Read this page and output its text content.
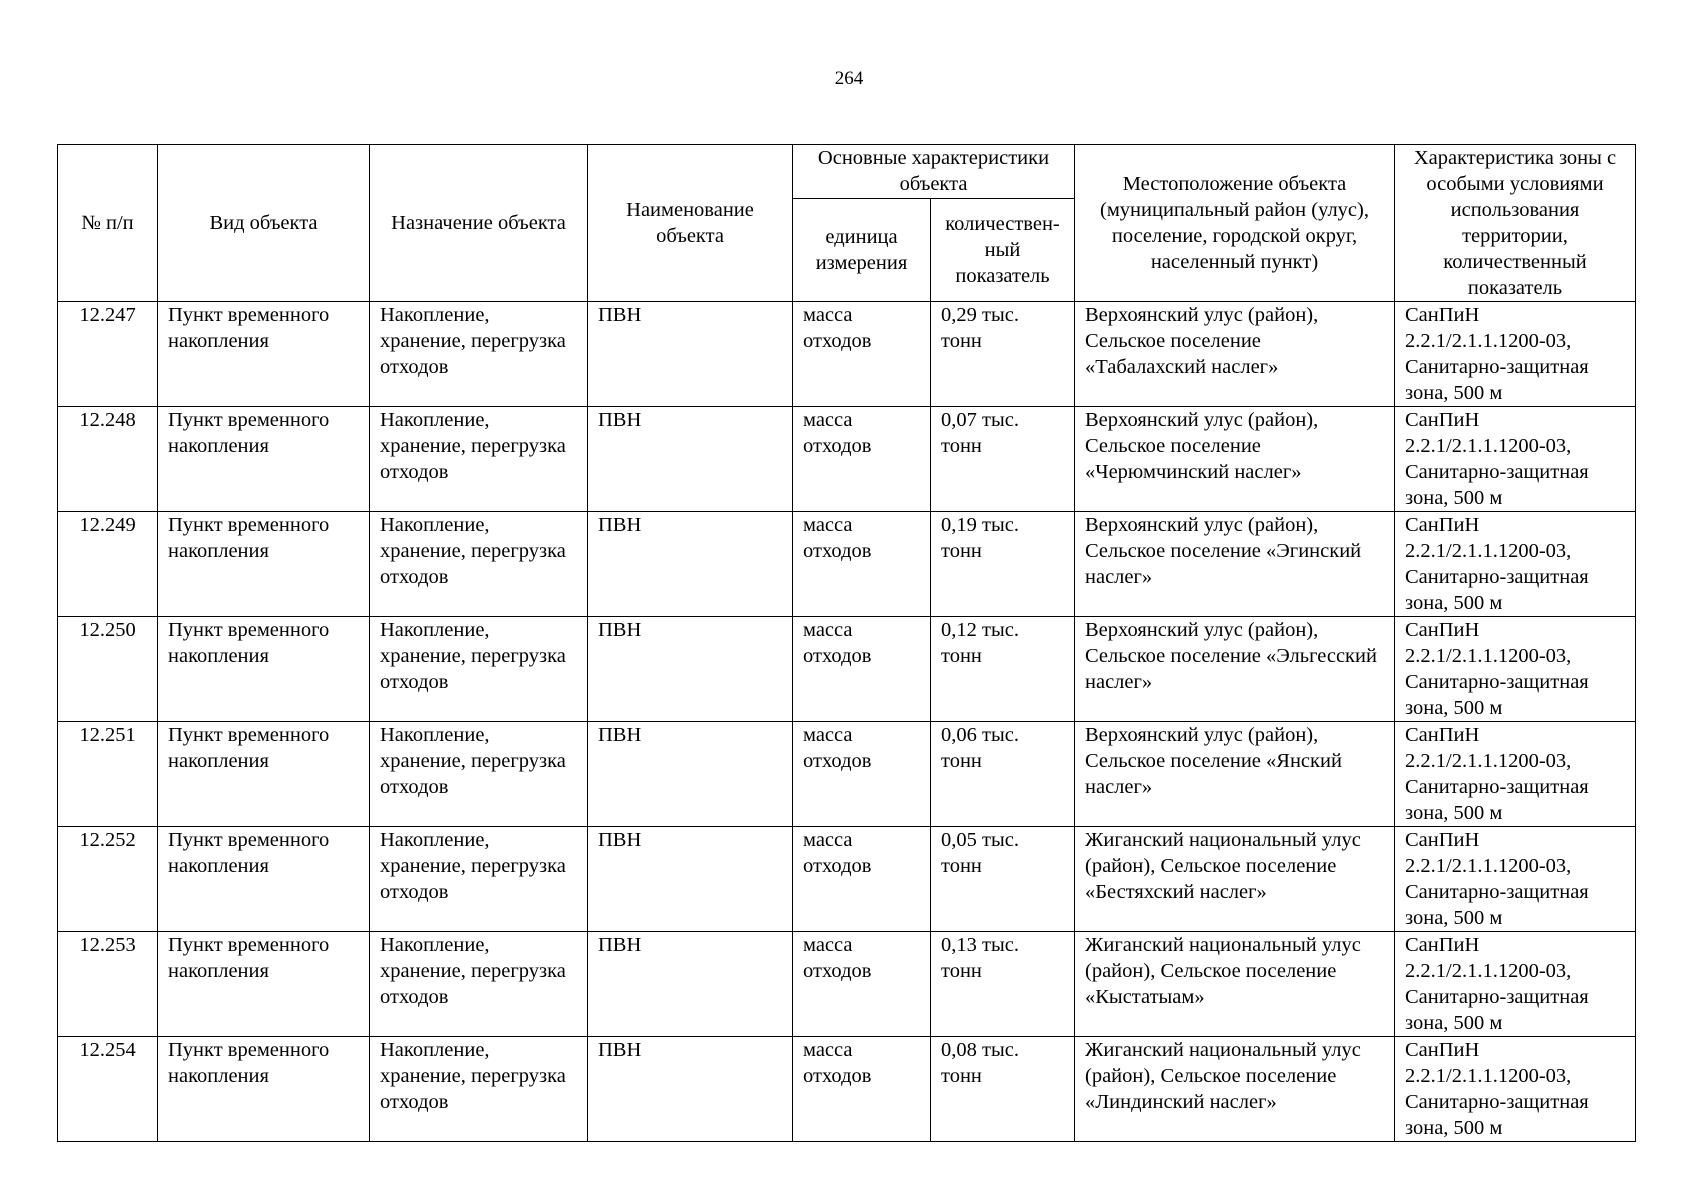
264
№ п/п	Вид объекта	Назначение объекта	Наименование объекта	Основные характеристики объекта		Местоположение объекта (муниципальный район (улус), поселение, городской округ, населенный пункт)	Характеристика зоны с особыми условиями использования территории, количественный показатель
				единица измерения	количествен-ный показатель		
12.247	Пункт временного накопления	Накопление, хранение, перегрузка отходов	ПВН	масса отходов	0,29 тыс. тонн	Верхоянский улус (район), Сельское поселение «Табалахский наслег»	СанПиН 2.2.1/2.1.1.1200-03, Санитарно-защитная зона, 500 м
12.248	Пункт временного накопления	Накопление, хранение, перегрузка отходов	ПВН	масса отходов	0,07 тыс. тонн	Верхоянский улус (район), Сельское поселение «Черюмчинский наслег»	СанПиН 2.2.1/2.1.1.1200-03, Санитарно-защитная зона, 500 м
12.249	Пункт временного накопления	Накопление, хранение, перегрузка отходов	ПВН	масса отходов	0,19 тыс. тонн	Верхоянский улус (район), Сельское поселение «Эгинский наслег»	СанПиН 2.2.1/2.1.1.1200-03, Санитарно-защитная зона, 500 м
12.250	Пункт временного накопления	Накопление, хранение, перегрузка отходов	ПВН	масса отходов	0,12 тыс. тонн	Верхоянский улус (район), Сельское поселение «Эльгесский наслег»	СанПиН 2.2.1/2.1.1.1200-03, Санитарно-защитная зона, 500 м
12.251	Пункт временного накопления	Накопление, хранение, перегрузка отходов	ПВН	масса отходов	0,06 тыс. тонн	Верхоянский улус (район), Сельское поселение «Янский наслег»	СанПиН 2.2.1/2.1.1.1200-03, Санитарно-защитная зона, 500 м
12.252	Пункт временного накопления	Накопление, хранение, перегрузка отходов	ПВН	масса отходов	0,05 тыс. тонн	Жиганский национальный улус (район), Сельское поселение «Бестяхский наслег»	СанПиН 2.2.1/2.1.1.1200-03, Санитарно-защитная зона, 500 м
12.253	Пункт временного накопления	Накопление, хранение, перегрузка отходов	ПВН	масса отходов	0,13 тыс. тонн	Жиганский национальный улус (район), Сельское поселение «Кыстатыам»	СанПиН 2.2.1/2.1.1.1200-03, Санитарно-защитная зона, 500 м
12.254	Пункт временного накопления	Накопление, хранение, перегрузка отходов	ПВН	масса отходов	0,08 тыс. тонн	Жиганский национальный улус (район), Сельское поселение «Линдинский наслег»	СанПиН 2.2.1/2.1.1.1200-03, Санитарно-защитная зона, 500 м
